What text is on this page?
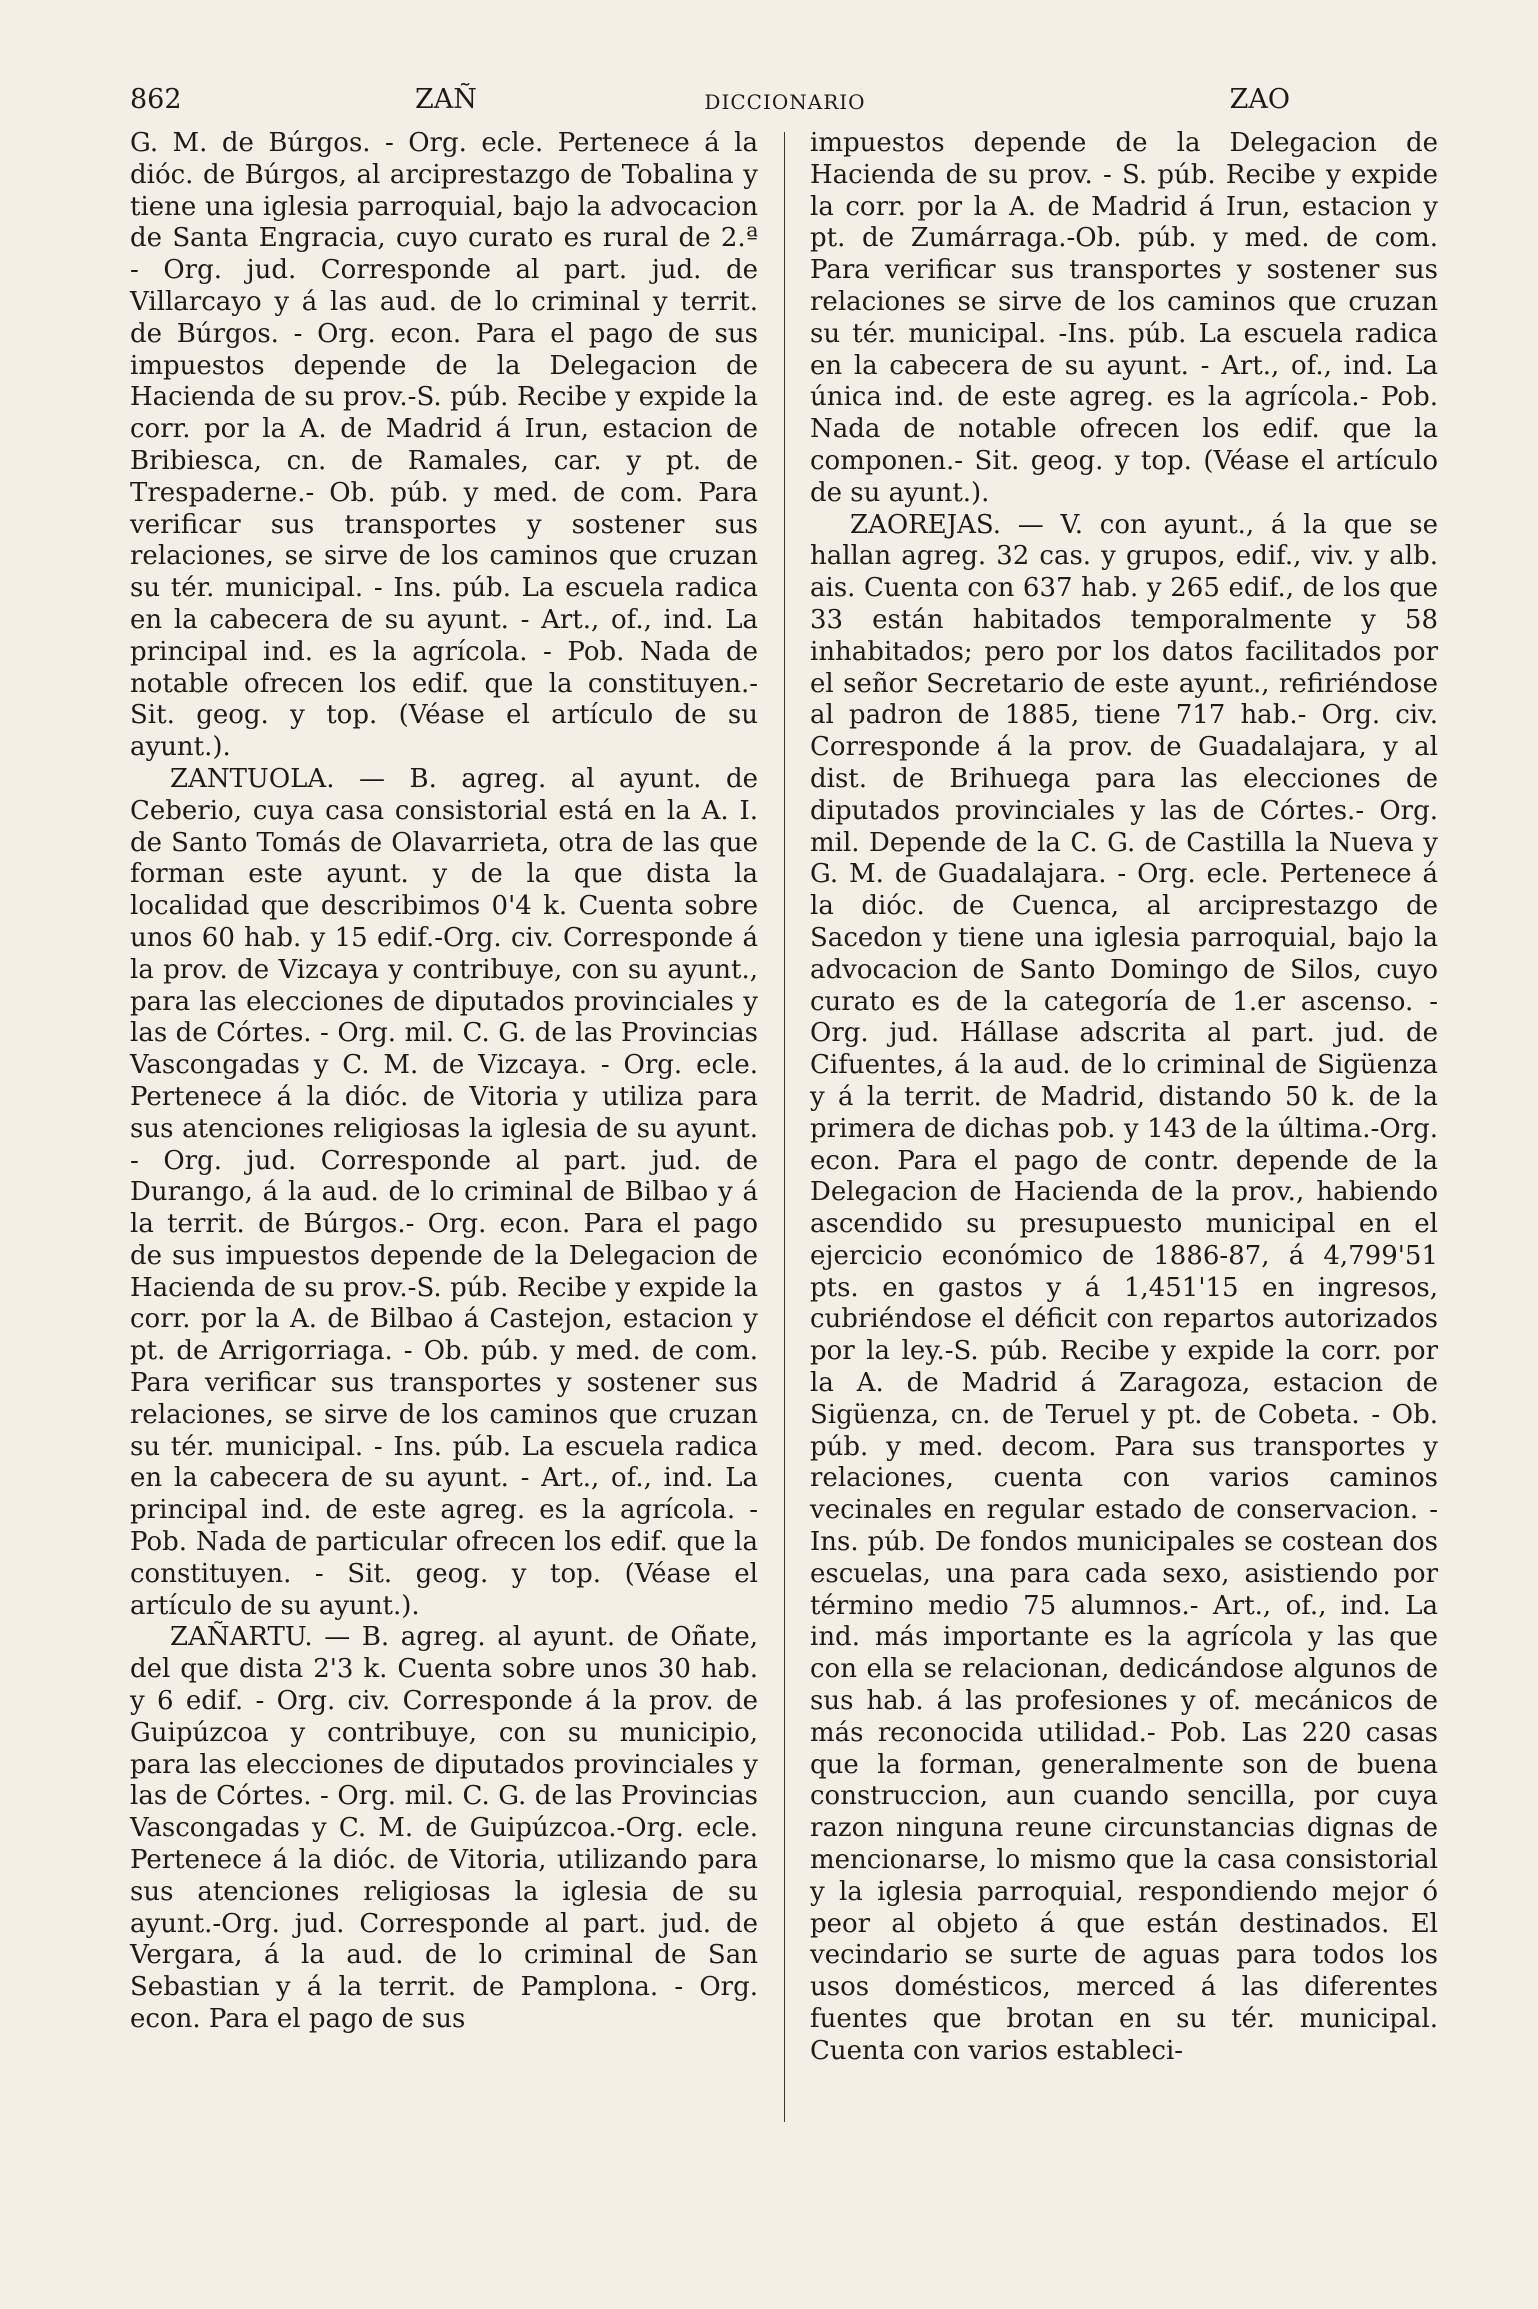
862	ZAÑ	DICCIONARIO	ZAO

G. M. de Búrgos. - Org. ecle. Pertenece á la dióc. de Búrgos, al arciprestazgo de Tobalina y tiene una iglesia parroquial, bajo la advocacion de Santa Engracia, cuyo curato es rural de 2.ª - Org. jud. Corresponde al part. jud. de Villarcayo y á las aud. de lo criminal y territ. de Búrgos. - Org. econ. Para el pago de sus impuestos depende de la Delegacion de Hacienda de su prov.-S. púb. Recibe y expide la corr. por la A. de Madrid á Irun, estacion de Bribiesca, cn. de Ramales, car. y pt. de Trespaderne.- Ob. púb. y med. de com. Para verificar sus transportes y sostener sus relaciones, se sirve de los caminos que cruzan su tér. municipal. - Ins. púb. La escuela radica en la cabecera de su ayunt. - Art., of., ind. La principal ind. es la agrícola. - Pob. Nada de notable ofrecen los edif. que la constituyen.-Sit. geog. y top. (Véase el artículo de su ayunt.).

ZANTUOLA. — B. agreg. al ayunt. de Ceberio, cuya casa consistorial está en la A. I. de Santo Tomás de Olavarrieta, otra de las que forman este ayunt. y de la que dista la localidad que describimos 0'4 k. Cuenta sobre unos 60 hab. y 15 edif.-Org. civ. Corresponde á la prov. de Vizcaya y contribuye, con su ayunt., para las elecciones de diputados provinciales y las de Córtes. - Org. mil. C. G. de las Provincias Vascongadas y C. M. de Vizcaya. - Org. ecle. Pertenece á la dióc. de Vitoria y utiliza para sus atenciones religiosas la iglesia de su ayunt. - Org. jud. Corresponde al part. jud. de Durango, á la aud. de lo criminal de Bilbao y á la territ. de Búrgos.- Org. econ. Para el pago de sus impuestos depende de la Delegacion de Hacienda de su prov.-S. púb. Recibe y expide la corr. por la A. de Bilbao á Castejon, estacion y pt. de Arrigorriaga. - Ob. púb. y med. de com. Para verificar sus transportes y sostener sus relaciones, se sirve de los caminos que cruzan su tér. municipal. - Ins. púb. La escuela radica en la cabecera de su ayunt. - Art., of., ind. La principal ind. de este agreg. es la agrícola. - Pob. Nada de particular ofrecen los edif. que la constituyen. - Sit. geog. y top. (Véase el artículo de su ayunt.).

ZAÑARTU. — B. agreg. al ayunt. de Oñate, del que dista 2'3 k. Cuenta sobre unos 30 hab. y 6 edif. - Org. civ. Corresponde á la prov. de Guipúzcoa y contribuye, con su municipio, para las elecciones de diputados provinciales y las de Córtes. - Org. mil. C. G. de las Provincias Vascongadas y C. M. de Guipúzcoa.-Org. ecle. Pertenece á la dióc. de Vitoria, utilizando para sus atenciones religiosas la iglesia de su ayunt.-Org. jud. Corresponde al part. jud. de Vergara, á la aud. de lo criminal de San Sebastian y á la territ. de Pamplona. - Org. econ. Para el pago de sus

impuestos depende de la Delegacion de Hacienda de su prov. - S. púb. Recibe y expide la corr. por la A. de Madrid á Irun, estacion y pt. de Zumárraga.-Ob. púb. y med. de com. Para verificar sus transportes y sostener sus relaciones se sirve de los caminos que cruzan su tér. municipal. -Ins. púb. La escuela radica en la cabecera de su ayunt. - Art., of., ind. La única ind. de este agreg. es la agrícola.- Pob. Nada de notable ofrecen los edif. que la componen.- Sit. geog. y top. (Véase el artículo de su ayunt.).

ZAOREJAS. — V. con ayunt., á la que se hallan agreg. 32 cas. y grupos, edif., viv. y alb. ais. Cuenta con 637 hab. y 265 edif., de los que 33 están habitados temporalmente y 58 inhabitados; pero por los datos facilitados por el señor Secretario de este ayunt., refiriéndose al padron de 1885, tiene 717 hab.- Org. civ. Corresponde á la prov. de Guadalajara, y al dist. de Brihuega para las elecciones de diputados provinciales y las de Córtes.- Org. mil. Depende de la C. G. de Castilla la Nueva y G. M. de Guadalajara. - Org. ecle. Pertenece á la dióc. de Cuenca, al arciprestazgo de Sacedon y tiene una iglesia parroquial, bajo la advocacion de Santo Domingo de Silos, cuyo curato es de la categoría de 1.er ascenso. - Org. jud. Hállase adscrita al part. jud. de Cifuentes, á la aud. de lo criminal de Sigüenza y á la territ. de Madrid, distando 50 k. de la primera de dichas pob. y 143 de la última.-Org. econ. Para el pago de contr. depende de la Delegacion de Hacienda de la prov., habiendo ascendido su presupuesto municipal en el ejercicio económico de 1886-87, á 4,799'51 pts. en gastos y á 1,451'15 en ingresos, cubriéndose el déficit con repartos autorizados por la ley.-S. púb. Recibe y expide la corr. por la A. de Madrid á Zaragoza, estacion de Sigüenza, cn. de Teruel y pt. de Cobeta. - Ob. púb. y med. decom. Para sus transportes y relaciones, cuenta con varios caminos vecinales en regular estado de conservacion. - Ins. púb. De fondos municipales se costean dos escuelas, una para cada sexo, asistiendo por término medio 75 alumnos.- Art., of., ind. La ind. más importante es la agrícola y las que con ella se relacionan, dedicándose algunos de sus hab. á las profesiones y of. mecánicos de más reconocida utilidad.- Pob. Las 220 casas que la forman, generalmente son de buena construccion, aun cuando sencilla, por cuya razon ninguna reune circunstancias dignas de mencionarse, lo mismo que la casa consistorial y la iglesia parroquial, respondiendo mejor ó peor al objeto á que están destinados. El vecindario se surte de aguas para todos los usos domésticos, merced á las diferentes fuentes que brotan en su tér. municipal. Cuenta con varios estableci-
